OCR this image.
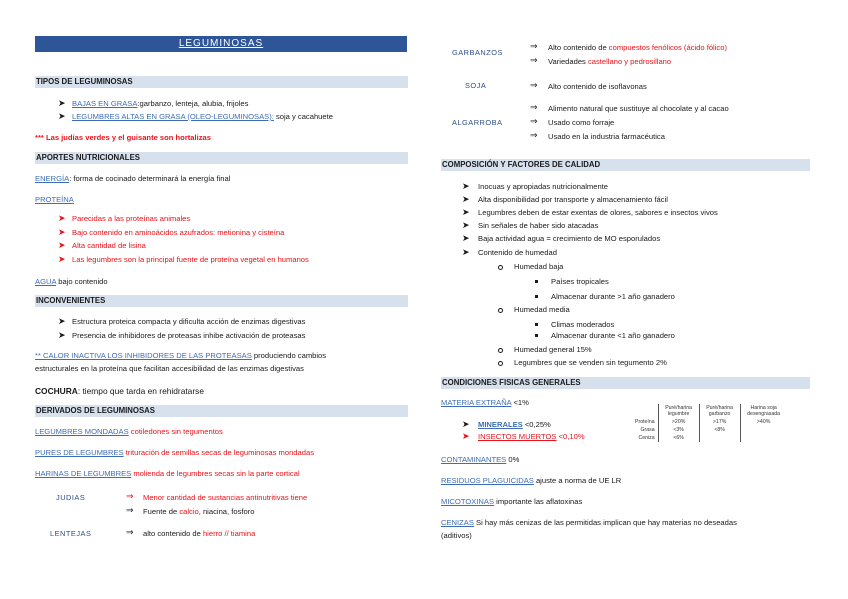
LEGUMINOSAS
TIPOS DE LEGUMINOSAS
➤ BAJAS EN GRASA:garbanzo, lenteja, alubia, frijoles
➤ LEGUMBRES ALTAS EN GRASA (OLEO-LEGUMINOSAS): soja y cacahuete
*** Las judías verdes y el guisante son hortalizas
APORTES NUTRICIONALES
ENERGÍA: forma de cocinado determinará la energía final
PROTEÍNA
➤ Parecidas a las proteínas animales
➤ Bajo contenido en aminoácidos azufrados: metionina y cisteína
➤ Alta cantidad de lisina
➤ Las legumbres son la principal fuente de proteína vegetal en humanos
AGUA bajo contenido
INCONVENIENTES
➤ Estructura proteica compacta y dificulta acción de enzimas digestivas
➤ Presencia de inhibidores de proteasas inhibe activación de proteasas
** CALOR INACTIVA LOS INHIBIDORES DE LAS PROTEASAS produciendo cambios
estructurales en la proteína que facilitan accesibilidad de las enzimas digestivas
COCHURA: tiempo que tarda en rehidratarse
DERIVADOS DE LEGUMINOSAS
LEGUMBRES MONDADAS cotiledones sin tegumentos
PURES DE LEGUMBRES trituración de semillas secas de leguminosas mondadas
HARINAS DE LEGUMBRES molienda de legumbres secas sin la parte cortical
JUDIAS	⇒ Menor cantidad de sustancias antinutritivas tiene
⇒ Fuente de calcio, niacina, fosforo
LENTEJAS	⇒ alto contenido de hierro // tiamina
GARBANZOS
⇒ Alto contenido de compuestos fenólicos (ácido fólico)
⇒ Variedades castellano y pedrosillano
SOJA	⇒ Alto contenido de isoflavonas
ALGARROBA
⇒ Alimento natural que sustituye al chocolate y al cacao
⇒ Usado como forraje
⇒ Usado en la industria farmacéutica
COMPOSICIÓN Y FACTORES DE CALIDAD
➤ Inocuas y apropiadas nutricionalmente
➤ Alta disponibilidad por transporte y almacenamiento fácil
➤ Legumbres deben de estar exentas de olores, sabores e insectos vivos
➤ Sin señales de haber sido atacadas
➤ Baja actividad agua = crecimiento de MO esporulados
➤ Contenido de humedad
Humedad baja
Países tropicales
Almacenar durante >1 año ganadero
Humedad media
Climas moderados
Almacenar durante <1 año ganadero
Humedad general 15%
Legumbres que se venden sin tegumento 2%
CONDICIONES FISICAS GENERALES
MATERIA EXTRAÑA <1%
➤ MINERALES <0,25%
➤ INSECTOS MUERTOS <0,10%
	Puré/harina legumbre	Puré/harina garbanzo	Harina soja desengrasada
Proteína	>20%	>17%	>40%
Grasa	<3%	<8%	
Ceniza	<6%		
CONTAMINANTES 0%
RESIDUOS PLAGUICIDAS ajuste a norma de UE LR
MICOTOXINAS importante las aflatoxinas
CENIZAS Si hay más cenizas de las permitidas implican que hay materias no deseadas
(aditivos)
